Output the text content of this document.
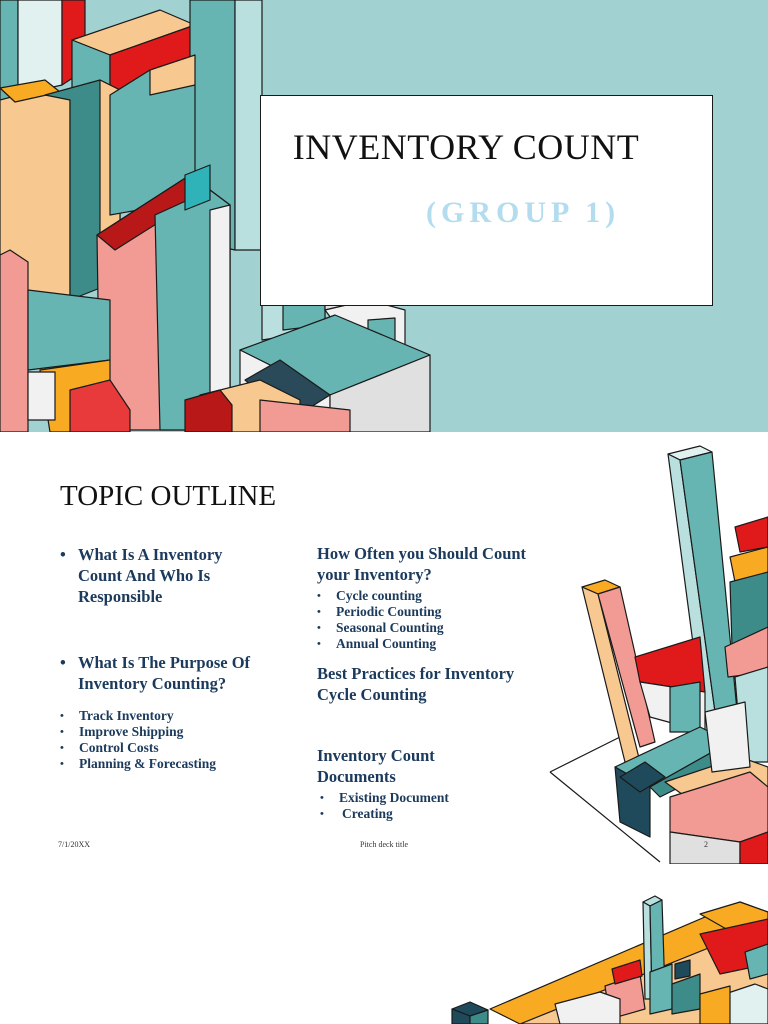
INVENTORY COUNT
(GROUP 1)
TOPIC OUTLINE
• What Is A Inventory Count And Who Is Responsible
• What Is The Purpose Of Inventory Counting?
• Track Inventory
• Improve Shipping
• Control Costs
• Planning & Forecasting
How Often you Should Count your Inventory?
• Cycle counting
• Periodic Counting
• Seasonal Counting
• Annual Counting
Best Practices for Inventory Cycle Counting
Inventory Count Documents
• Existing Document
• Creating
7/1/20XX	Pitch deck title	2
